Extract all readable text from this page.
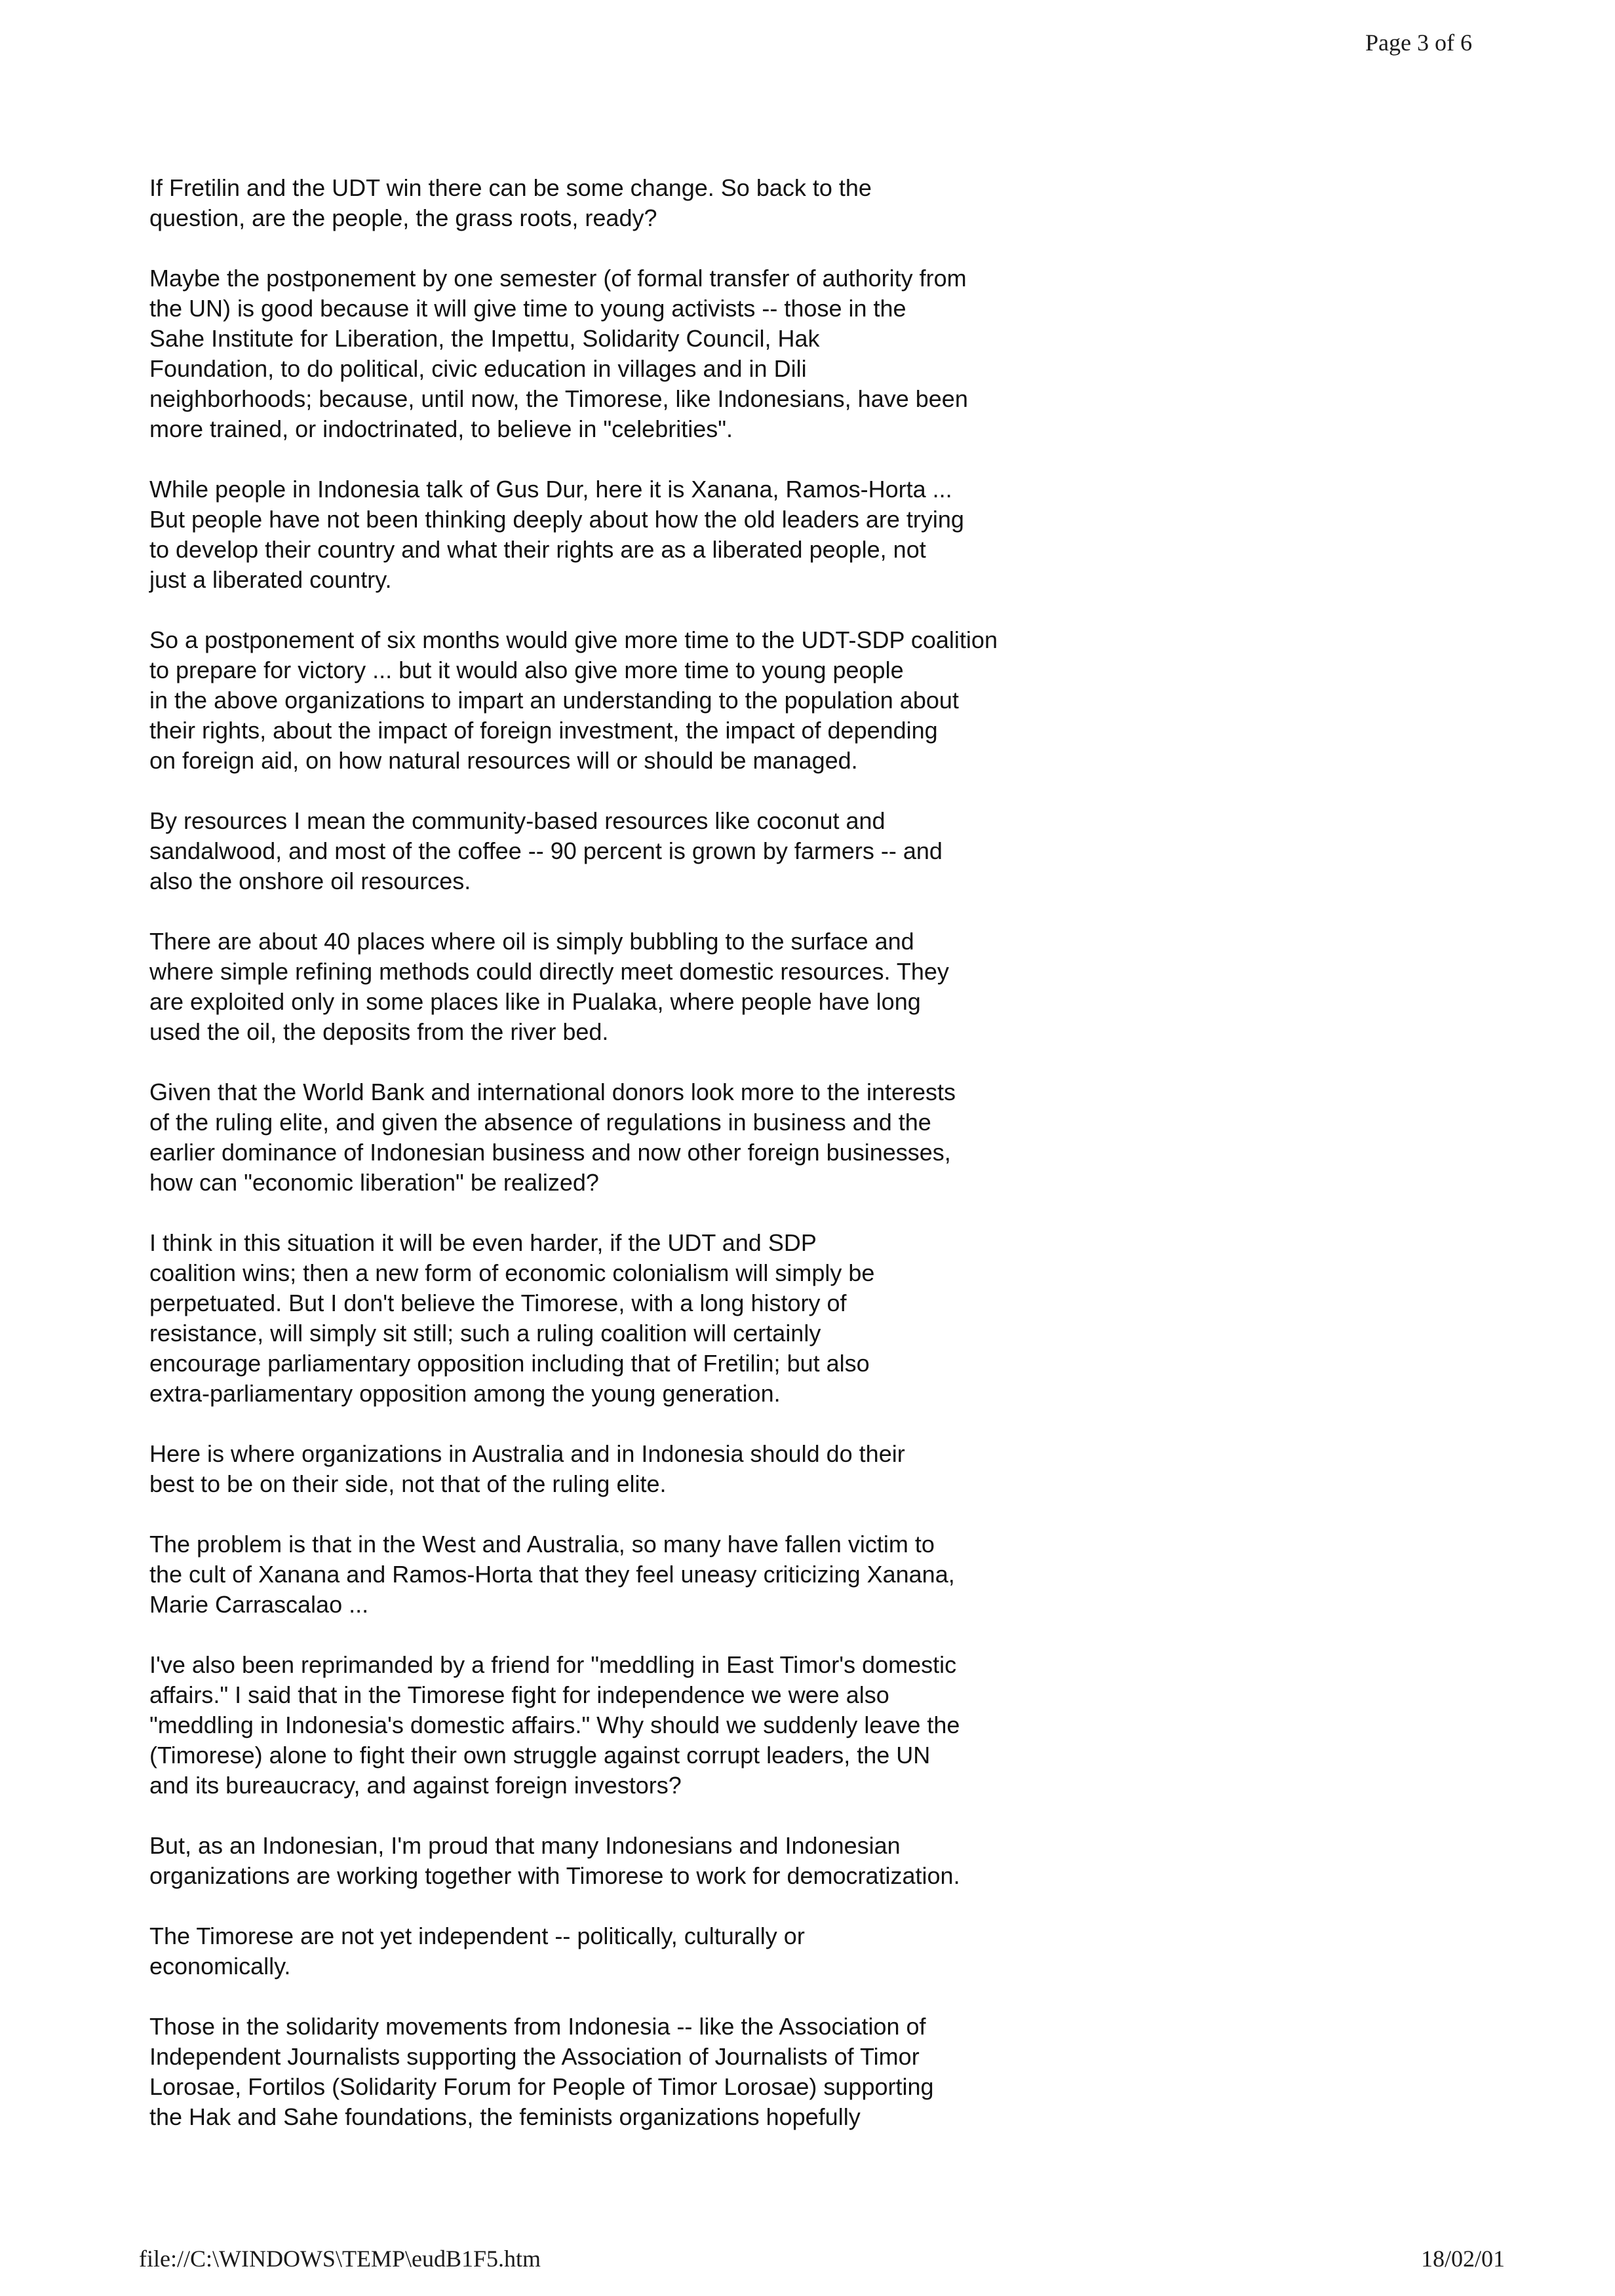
Page 3 of 6

If Fretilin and the UDT win there can be some change. So back to the
question, are the people, the grass roots, ready?

Maybe the postponement by one semester (of formal transfer of authority from
the UN) is good because it will give time to young activists -- those in the
Sahe Institute for Liberation, the Impettu, Solidarity Council, Hak
Foundation, to do political, civic education in villages and in Dili
neighborhoods; because, until now, the Timorese, like Indonesians, have been
more trained, or indoctrinated, to believe in "celebrities".

While people in Indonesia talk of Gus Dur, here it is Xanana, Ramos-Horta ...
But people have not been thinking deeply about how the old leaders are trying
to develop their country and what their rights are as a liberated people, not
just a liberated country.

So a postponement of six months would give more time to the UDT-SDP coalition
to prepare for victory ... but it would also give more time to young people
in the above organizations to impart an understanding to the population about
their rights, about the impact of foreign investment, the impact of depending
on foreign aid, on how natural resources will or should be managed.

By resources I mean the community-based resources like coconut and
sandalwood, and most of the coffee -- 90 percent is grown by farmers -- and
also the onshore oil resources.

There are about 40 places where oil is simply bubbling to the surface and
where simple refining methods could directly meet domestic resources. They
are exploited only in some places like in Pualaka, where people have long
used the oil, the deposits from the river bed.

Given that the World Bank and international donors look more to the interests
of the ruling elite, and given the absence of regulations in business and the
earlier dominance of Indonesian business and now other foreign businesses,
how can "economic liberation" be realized?

I think in this situation it will be even harder, if the UDT and SDP
coalition wins; then a new form of economic colonialism will simply be
perpetuated. But I don't believe the Timorese, with a long history of
resistance, will simply sit still; such a ruling coalition will certainly
encourage parliamentary opposition including that of Fretilin; but also
extra-parliamentary opposition among the young generation.

Here is where organizations in Australia and in Indonesia should do their
best to be on their side, not that of the ruling elite.

The problem is that in the West and Australia, so many have fallen victim to
the cult of Xanana and Ramos-Horta that they feel uneasy criticizing Xanana,
Marie Carrascalao ...

I've also been reprimanded by a friend for "meddling in East Timor's domestic
affairs." I said that in the Timorese fight for independence we were also
"meddling in Indonesia's domestic affairs." Why should we suddenly leave the
(Timorese) alone to fight their own struggle against corrupt leaders, the UN
and its bureaucracy, and against foreign investors?

But, as an Indonesian, I'm proud that many Indonesians and Indonesian
organizations are working together with Timorese to work for democratization.

The Timorese are not yet independent -- politically, culturally or
economically.

Those in the solidarity movements from Indonesia -- like the Association of
Independent Journalists supporting the Association of Journalists of Timor
Lorosae, Fortilos (Solidarity Forum for People of Timor Lorosae) supporting
the Hak and Sahe foundations, the feminists organizations hopefully

file://C:\WINDOWS\TEMP\eudB1F5.htm	18/02/01
